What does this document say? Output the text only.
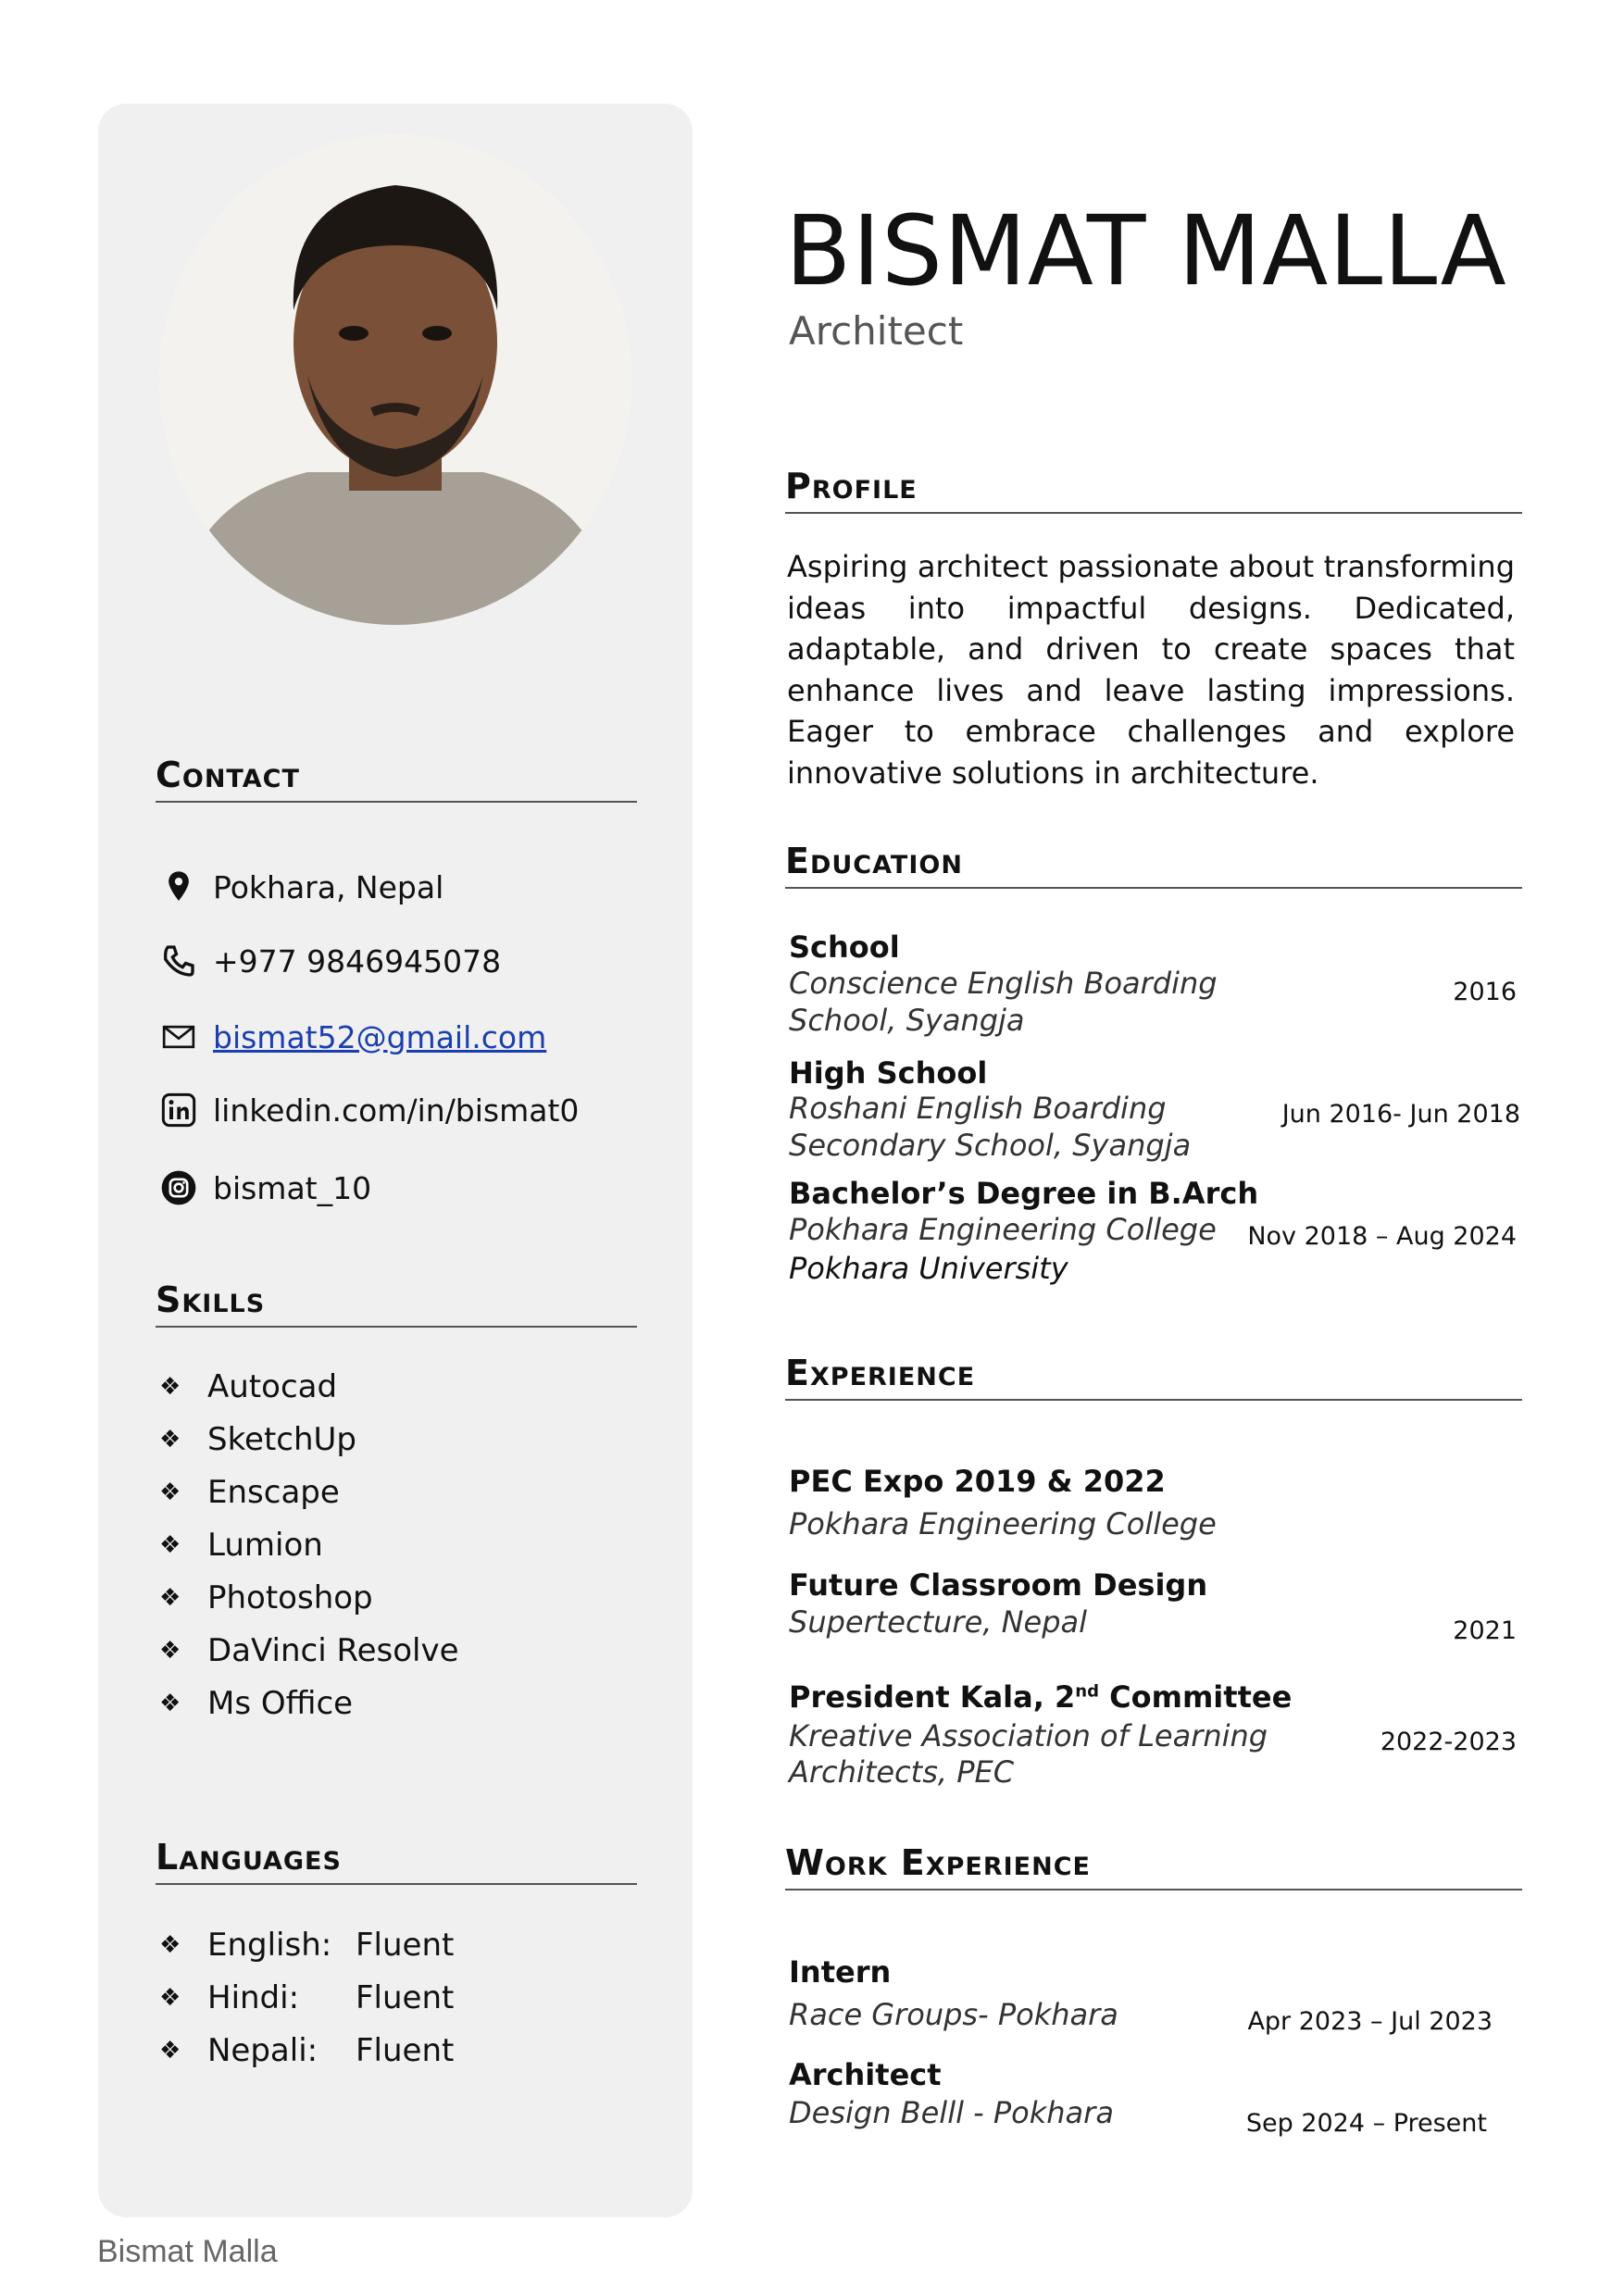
BISMAT MALLA
Architect
Contact
Pokhara, Nepal
+977 9846945078
bismat52@gmail.com
linkedin.com/in/bismat0
bismat_10
Skills
❖ Autocad
❖ SketchUp
❖ Enscape
❖ Lumion
❖ Photoshop
❖ DaVinci Resolve
❖ Ms Office
Languages
❖ English: Fluent
❖ Hindi:	Fluent
❖ Nepali:	Fluent
Profile

Aspiring architect passionate about transforming ideas into impactful designs. Dedicated, adaptable, and driven to create spaces that enhance lives and leave lasting impressions. Eager to embrace challenges and explore innovative solutions in architecture.

Education
School
Conscience English Boarding
School, Syangja
2016
High School
Roshani English Boarding
Secondary School, Syangja
Jun 2016- Jun 2018
Bachelor’s Degree in B.Arch
Pokhara Engineering College
Pokhara University
Nov 2018 – Aug 2024
Experience
PEC Expo 2019 & 2022
Pokhara Engineering College
Future Classroom Design
Supertecture, Nepal	2021
President Kala, 2nd Committee
Kreative Association of Learning
Architects, PEC
2022-2023
Work Experience
Intern
Race Groups- Pokhara	Apr 2023 – Jul 2023
Architect
Design Belll - Pokhara	Sep 2024 – Present
Bismat Malla
